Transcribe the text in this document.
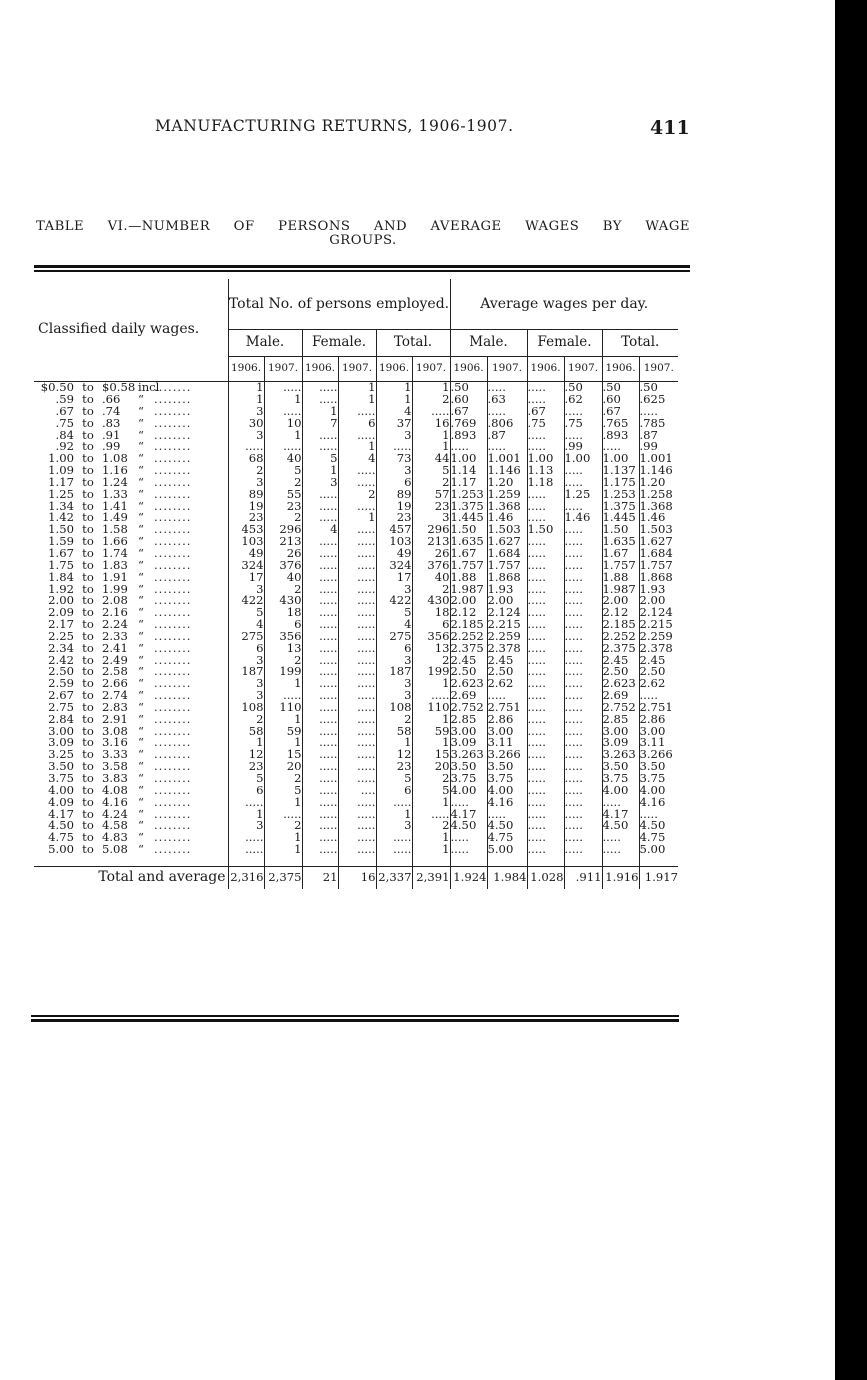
MANUFACTURING RETURNS, 1906-1907.	411
TABLE VI.—NUMBER OF PERSONS AND AVERAGE WAGES BY WAGE
GROUPS.
Classified daily wages.	Total No. of persons employed.						Average wages per day.					
	Male.		Female.		Total.		Male.		Female.		Total.	
	1906.	1907.	1906.	1907.	1906.	1907.	1906.	1907.	1906.	1907.	1906.	1907.
$0.50 to $0.58 incl........	1	.....	.....	1	1	1	.50	.....	.....	.50	.50	.50
.59 to .66 “ ........	1	1	.....	1	1	2	.60	.63	.....	.62	.60	.625
.67 to .74 “ ........	3	.....	1	.....	4	.....	.67	.....	.67	.....	.67	.....
.75 to .83 “ ........	30	10	7	6	37	16	.769	.806	.75	.75	.765	.785
.84 to .91 “ ........	3	1	.....	.....	3	1	.893	.87	.....	.....	.893	.87
.92 to .99 “ ........	.....	.....	.....	1	.....	1	.....	.....	.....	.99	.....	.99
1.00 to 1.08 “ ........	68	40	5	4	73	44	1.00	1.001	1.00	1.00	1.00	1.001
1.09 to 1.16 “ ........	2	5	1	.....	3	5	1.14	1.146	1.13	.....	1.137	1.146
1.17 to 1.24 “ ........	3	2	3	.....	6	2	1.17	1.20	1.18	.....	1.175	1.20
1.25 to 1.33 “ ........	89	55	.....	2	89	57	1.253	1.259	.....	1.25	1.253	1.258
1.34 to 1.41 “ ........	19	23	.....	.....	19	23	1.375	1.368	.....	.....	1.375	1.368
1.42 to 1.49 “ ........	23	2	.....	1	23	3	1.445	1.46	.....	1.46	1.445	1.46
1.50 to 1.58 “ ........	453	296	4	.....	457	296	1.50	1.503	1.50	.....	1.50	1.503
1.59 to 1.66 “ ........	103	213	.....	.....	103	213	1.635	1.627	.....	.....	1.635	1.627
1.67 to 1.74 “ ........	49	26	.....	.....	49	26	1.67	1.684	.....	.....	1.67	1.684
1.75 to 1.83 “ ........	324	376	.....	.....	324	376	1.757	1.757	.....	.....	1.757	1.757
1.84 to 1.91 “ ........	17	40	.....	.....	17	40	1.88	1.868	.....	.....	1.88	1.868
1.92 to 1.99 “ ........	3	2	.....	.....	3	2	1.987	1.93	.....	.....	1.987	1.93
2.00 to 2.08 “ ........	422	430	.....	.....	422	430	2.00	2.00	.....	.....	2.00	2.00
2.09 to 2.16 “ ........	5	18	.....	.....	5	18	2.12	2.124	.....	.....	2.12	2.124
2.17 to 2.24 “ ........	4	6	.....	.....	4	6	2.185	2.215	.....	.....	2.185	2.215
2.25 to 2.33 “ ........	275	356	.....	.....	275	356	2.252	2.259	.....	.....	2.252	2.259
2.34 to 2.41 “ ........	6	13	.....	.....	6	13	2.375	2.378	.....	.....	2.375	2.378
2.42 to 2.49 “ ........	3	2	.....	.....	3	2	2.45	2.45	.....	.....	2.45	2.45
2.50 to 2.58 “ ........	187	199	.....	.....	187	199	2.50	2.50	.....	.....	2.50	2.50
2.59 to 2.66 “ ........	3	1	.....	.....	3	1	2.623	2.62	.....	.....	2.623	2.62
2.67 to 2.74 “ ........	3	.....	.....	.....	3	.....	2.69	.....	.....	.....	2.69	.....
2.75 to 2.83 “ ........	108	110	.....	.....	108	110	2.752	2.751	.....	.....	2.752	2.751
2.84 to 2.91 “ ........	2	1	.....	.....	2	1	2.85	2.86	.....	.....	2.85	2.86
3.00 to 3.08 “ ........	58	59	.....	.....	58	59	3.00	3.00	.....	.....	3.00	3.00
3.09 to 3.16 “ ........	1	1	.....	.....	1	1	3.09	3.11	.....	.....	3.09	3.11
3.25 to 3.33 “ ........	12	15	.....	.....	12	15	3.263	3.266	.....	.....	3.263	3.266
3.50 to 3.58 “ ........	23	20	.....	.....	23	20	3.50	3.50	.....	.....	3.50	3.50
3.75 to 3.83 “ ........	5	2	.....	.....	5	2	3.75	3.75	.....	.....	3.75	3.75
4.00 to 4.08 “ ........	6	5	.....	....	6	5	4.00	4.00	.....	.....	4.00	4.00
4.09 to 4.16 “ ........	.....	1	.....	.....	.....	1	.....	4.16	.....	.....	.....	4.16
4.17 to 4.24 “ ........	1	.....	.....	.....	1	.....	4.17	.....	.....	.....	4.17	.....
4.50 to 4.58 “ ........	3	2	.....	.....	3	2	4.50	4.50	.....	.....	4.50	4.50
4.75 to 4.83 “ ........	.....	1	.....	.....	.....	1	.....	4.75	.....	.....	.....	4.75
5.00 to 5.08 “ ........	.....	1	.....	.....	.....	1	.....	5.00	.....	.....	.....	5.00

Total and average	2,316	2,375	21	16	2,337	2,391	1.924	1.984	1.028	.911	1.916	1.917
